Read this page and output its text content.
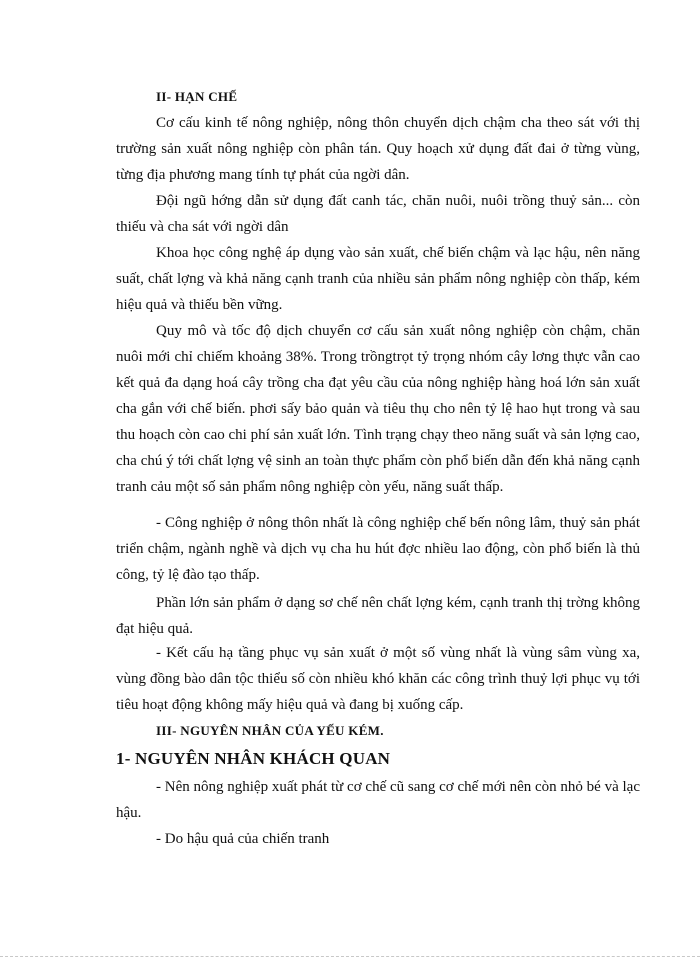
II- HẠN CHẾ

Cơ cấu kinh tế nông nghiệp, nông thôn chuyển dịch chậm cha theo sát với thị trường sản xuất nông nghiệp còn phân tán. Quy hoạch xử dụng đất đai ở từng vùng, từng địa phương mang tính tự phát của ngời dân.

Đội ngũ hớng dẫn sử dụng đất canh tác, chăn nuôi, nuôi trồng thuỷ sản... còn thiếu và cha sát với ngời dân

Khoa học công nghệ áp dụng vào sản xuất, chế biến chậm và lạc hậu, nên năng suất, chất lợng và khả năng cạnh tranh của nhiều sản phẩm nông nghiệp còn thấp, kém hiệu quả và thiếu bền vững.

Quy mô và tốc độ dịch chuyển cơ cấu sản xuất nông nghiệp còn chậm, chăn nuôi mới chỉ chiếm khoảng 38%. Trong trồngtrọt tỷ trọng nhóm cây lơng thực vẫn cao kết quả đa dạng hoá cây trồng cha đạt yêu cầu của nông nghiệp hàng hoá lớn sản xuất cha gắn với chế biến. phơi sấy bảo quản và tiêu thụ cho nên tỷ lệ hao hụt trong và sau thu hoạch còn cao chi phí sản xuất lớn. Tình trạng chạy theo năng suất và sản lợng cao, cha chú ý tới chất lợng vệ sinh an toàn thực phẩm còn phổ biến dẫn đến khả năng cạnh tranh cảu một số sản phẩm nông nghiệp còn yếu, năng suất thấp.

- Công nghiệp ở nông thôn nhất là công nghiệp chế bến nông lâm, thuỷ sản phát triển chậm, ngành nghề và dịch vụ cha hu hút đợc nhiều lao động, còn phổ biến là thủ công, tỷ lệ đào tạo thấp.

Phần lớn sản phẩm ở dạng sơ chế nên chất lợng kém, cạnh tranh thị trờng không đạt hiệu quả.

- Kết cấu hạ tầng phục vụ sản xuất ở một số vùng nhất là vùng sâm vùng xa, vùng đồng bào dân tộc thiểu số còn nhiều khó khăn các công trình thuỷ lợi phục vụ tới tiêu hoạt động không mấy hiệu quả và đang bị xuống cấp.

III- NGUYÊN NHÂN CỦA YẾU KÉM.

1- NGUYÊN NHÂN KHÁCH QUAN

- Nên nông nghiệp xuất phát từ cơ chế cũ sang cơ chế mới nên còn nhỏ bé và lạc hậu.

- Do hậu quả của chiến tranh
